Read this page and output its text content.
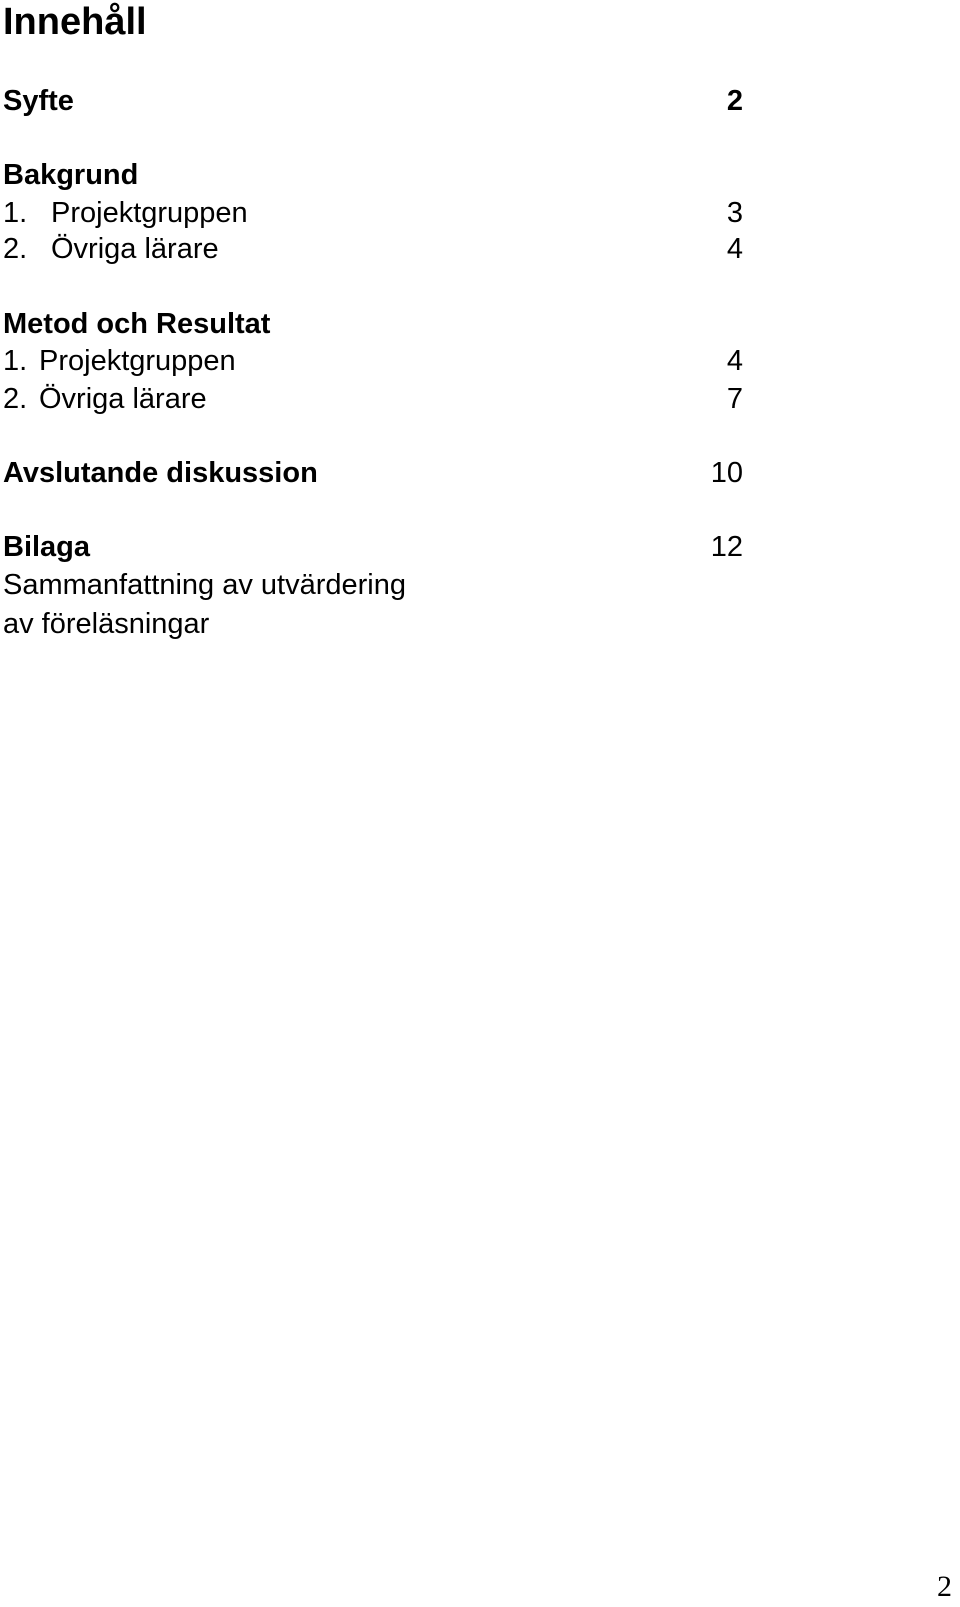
Innehåll
Syfte	2
Bakgrund
1. Projektgruppen	3
2. Övriga lärare	4
Metod och Resultat
1. Projektgruppen	4
2. Övriga lärare	7
Avslutande diskussion	10
Bilaga	12
Sammanfattning av utvärdering
av föreläsningar
2
